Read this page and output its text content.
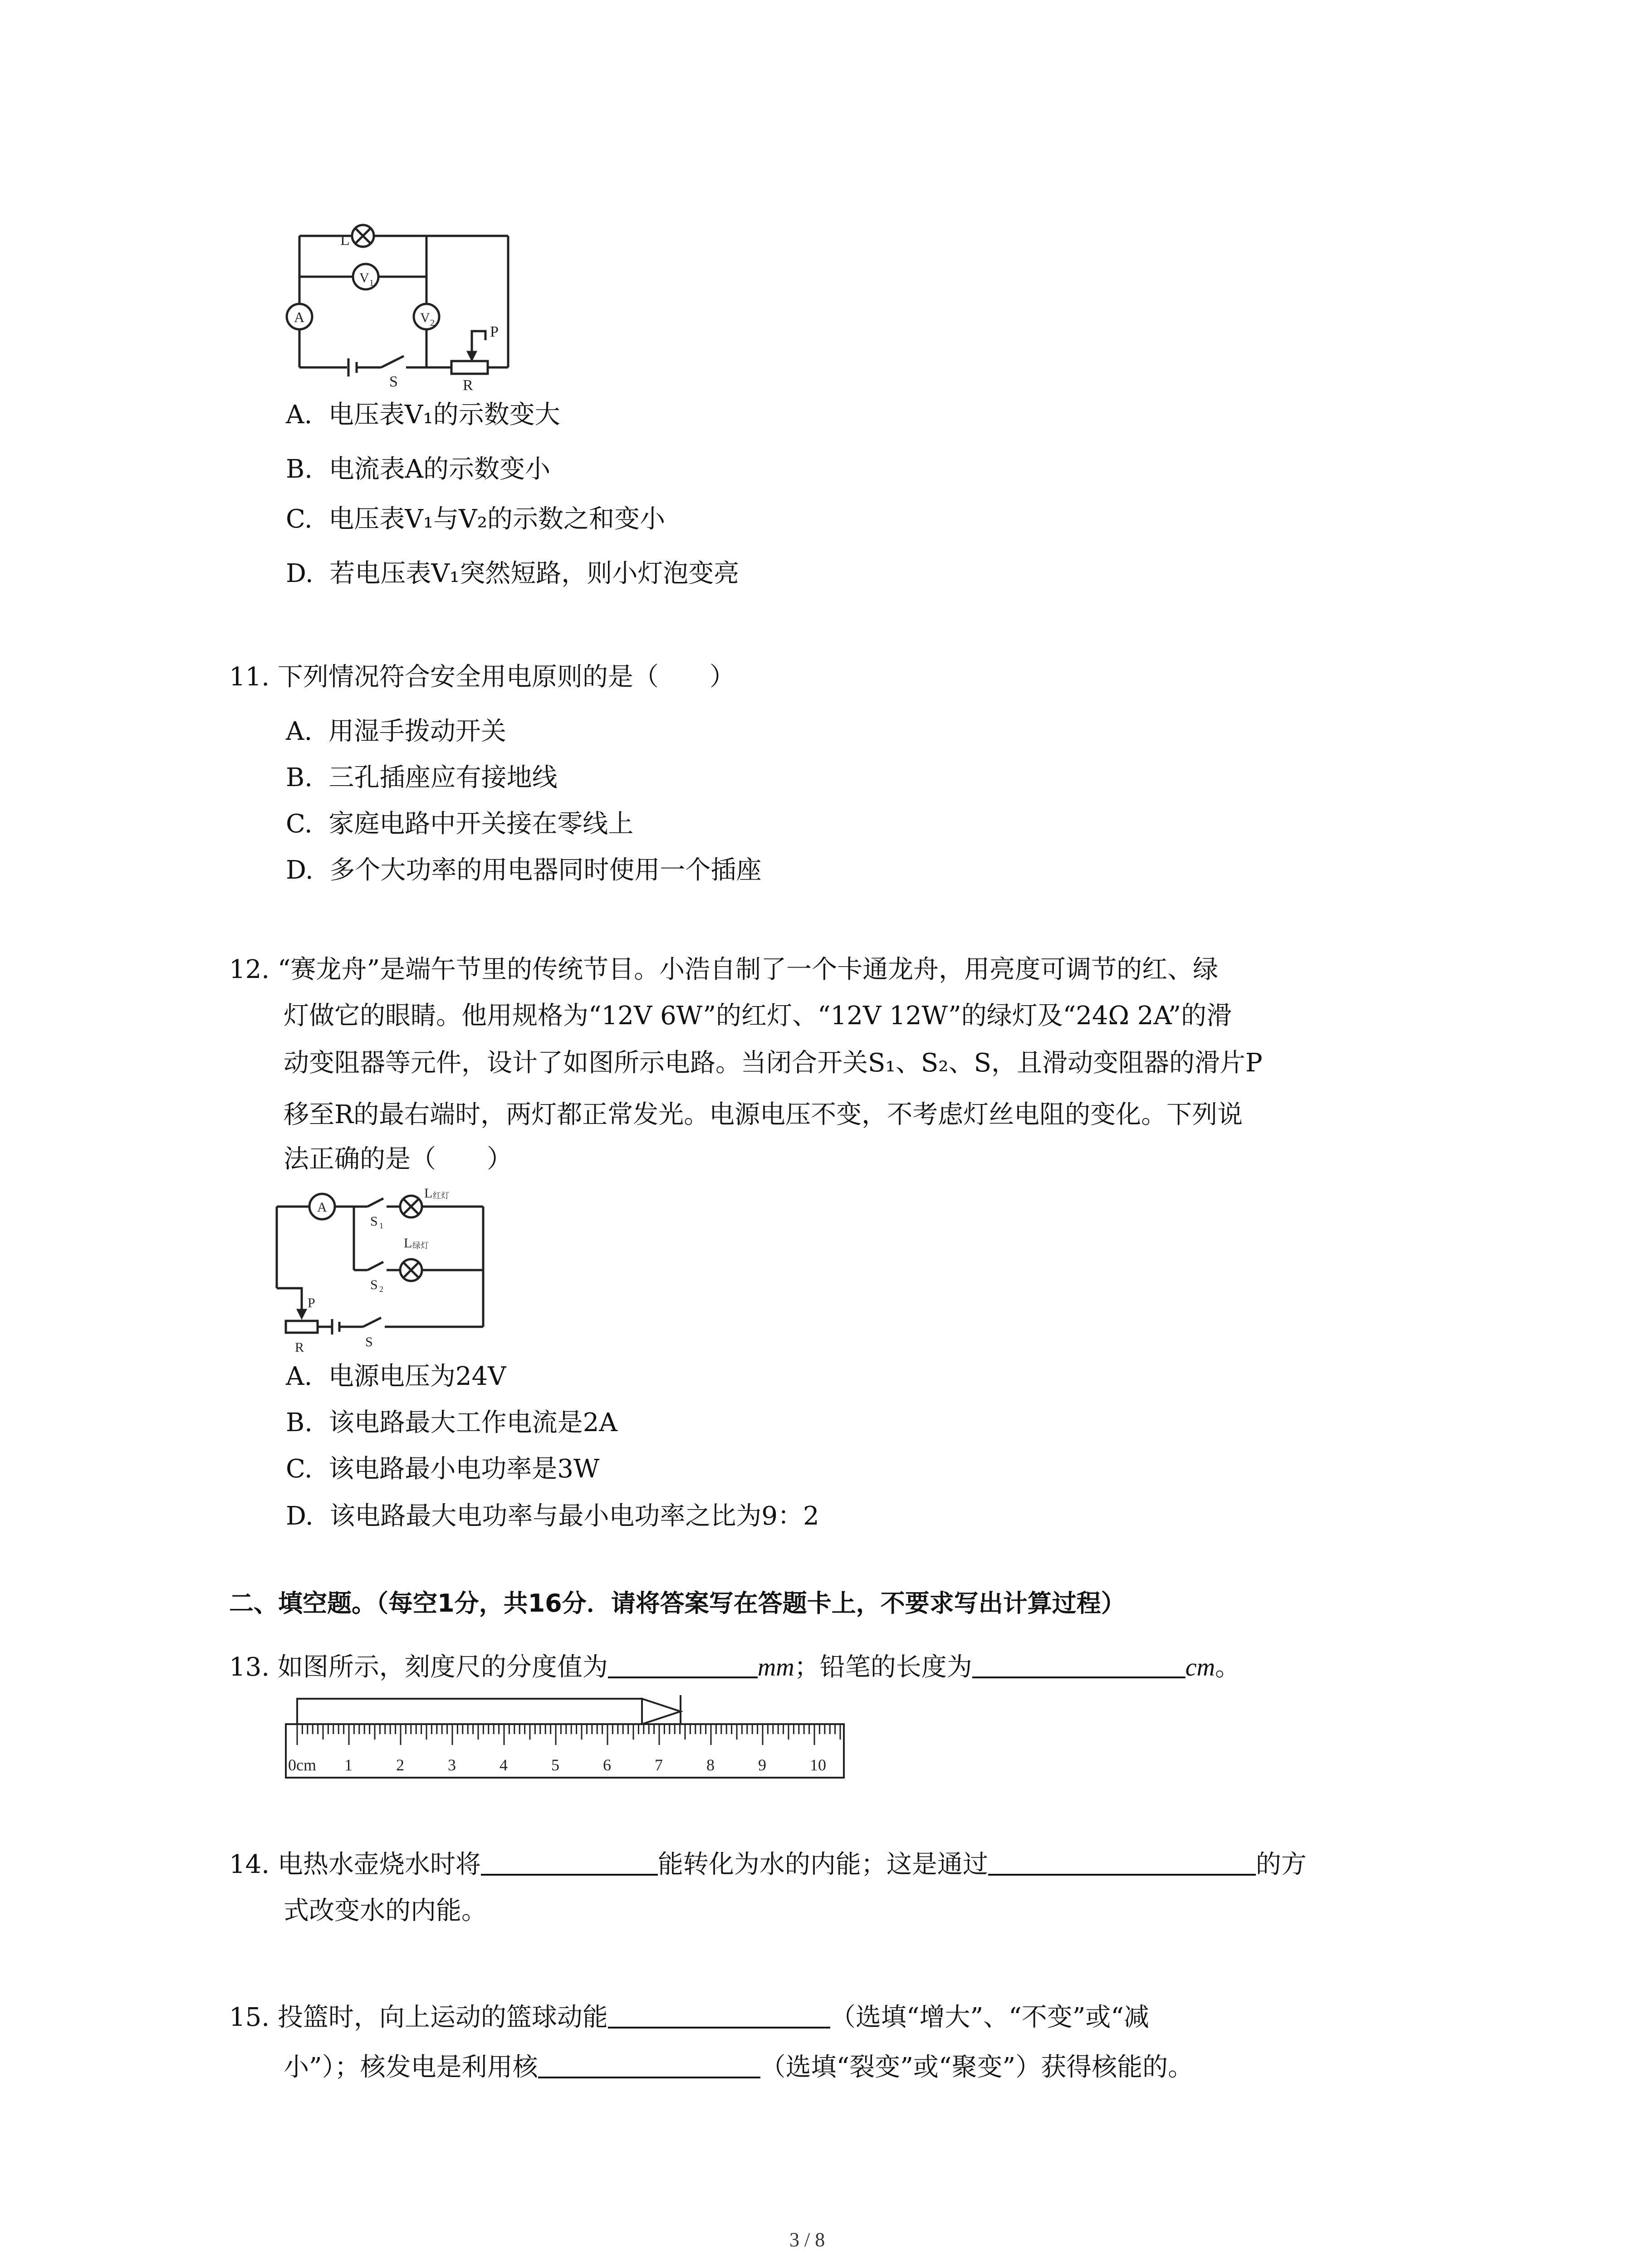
L
V 1
A	V 2
S
P
R
A. 电压表V₁的示数变大
B. 电流表A的示数变小
C. 电压表V₁与V₂的示数之和变小
D. 若电压表V₁突然短路，则小灯泡变亮
11. 下列情况符合安全用电原则的是（　　）
A. 用湿手拨动开关
B. 三孔插座应有接地线
C. 家庭电路中开关接在零线上
D. 多个大功率的用电器同时使用一个插座
12. “赛龙舟”是端午节里的传统节目。小浩自制了一个卡通龙舟，用亮度可调节的红、绿
灯做它的眼睛。他用规格为“12V 6W”的红灯、“12V 12W”的绿灯及“24Ω 2A”的滑
动变阻器等元件，设计了如图所示电路。当闭合开关S₁、S₂、S，且滑动变阻器的滑片P
移至R的最右端时，两灯都正常发光。电源电压不变，不考虑灯丝电阻的变化。下列说
法正确的是（　　）
A
S 1
L 红灯
L 绿灯
S 2
P
R	S
A. 电源电压为24V
B. 该电路最大工作电流是2A
C. 该电路最小电功率是3W
D. 该电路最大电功率与最小电功率之比为9：2
二、填空题。（每空1分，共16分．请将答案写在答题卡上，不要求写出计算过程）
13. 如图所示，刻度尺的分度值为	mm；铅笔的长度为	cm。
0cm 1	2	3	4	5	6	7	8	9	10
14. 电热水壶烧水时将	能转化为水的内能；这是通过	的方
式改变水的内能。
15. 投篮时，向上运动的篮球动能	（选填“增大”、“不变”或“减
小”）；核发电是利用核	（选填“裂变”或“聚变”）获得核能的。
3 / 8
